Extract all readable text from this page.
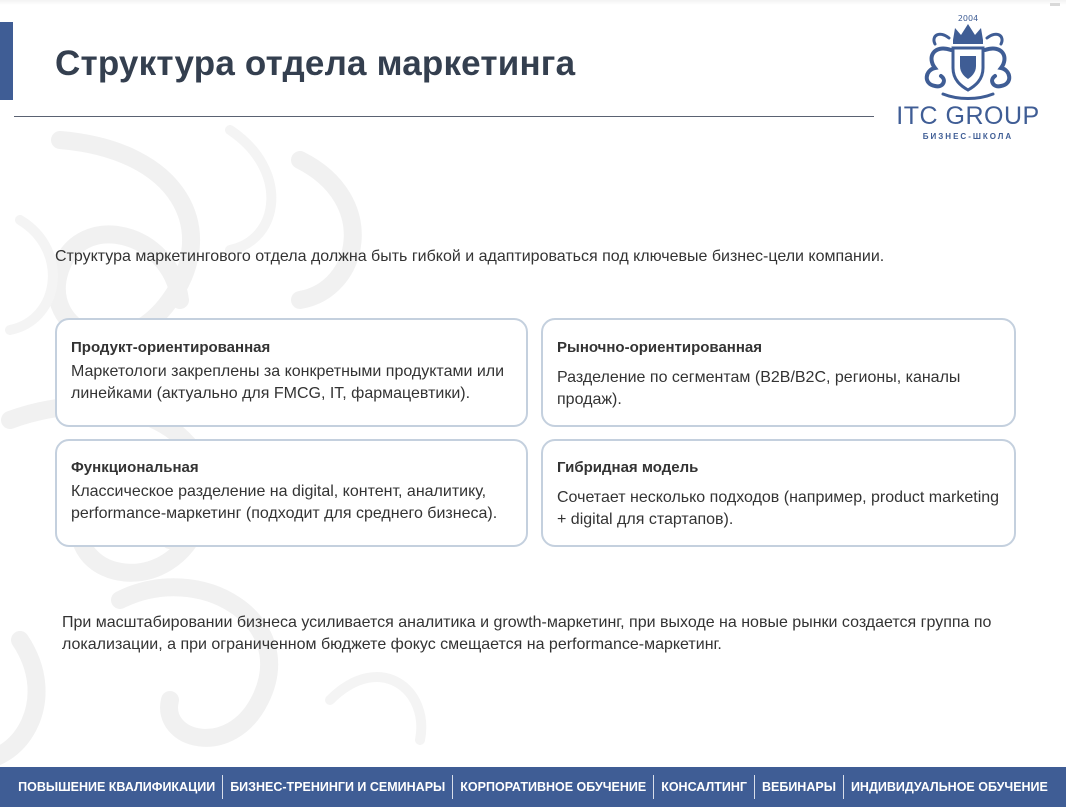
Структура отдела маркетинга
2004
ITC GROUP
БИЗНЕС-ШКОЛА

Структура маркетингового отдела должна быть гибкой и адаптироваться под ключевые бизнес-цели компании.

Продукт-ориентированная
Маркетологи закреплены за конкретными продуктами или линейками (актуально для FMCG, IT, фармацевтики).
Рыночно-ориентированная
Разделение по сегментам (B2B/B2C, регионы, каналы продаж).
Функциональная
Классическое разделение на digital, контент, аналитику, performance-маркетинг (подходит для среднего бизнеса).
Гибридная модель
Сочетает несколько подходов (например, product marketing + digital для стартапов).

При масштабировании бизнеса усиливается аналитика и growth-маркетинг, при выходе на новые рынки создается группа по локализации, а при ограниченном бюджете фокус смещается на performance-маркетинг.

ПОВЫШЕНИЕ КВАЛИФИКАЦИИ	БИЗНЕС-ТРЕНИНГИ И СЕМИНАРЫ	КОРПОРАТИВНОЕ ОБУЧЕНИЕ	КОНСАЛТИНГ	ВЕБИНАРЫ	ИНДИВИДУАЛЬНОЕ ОБУЧЕНИЕ
